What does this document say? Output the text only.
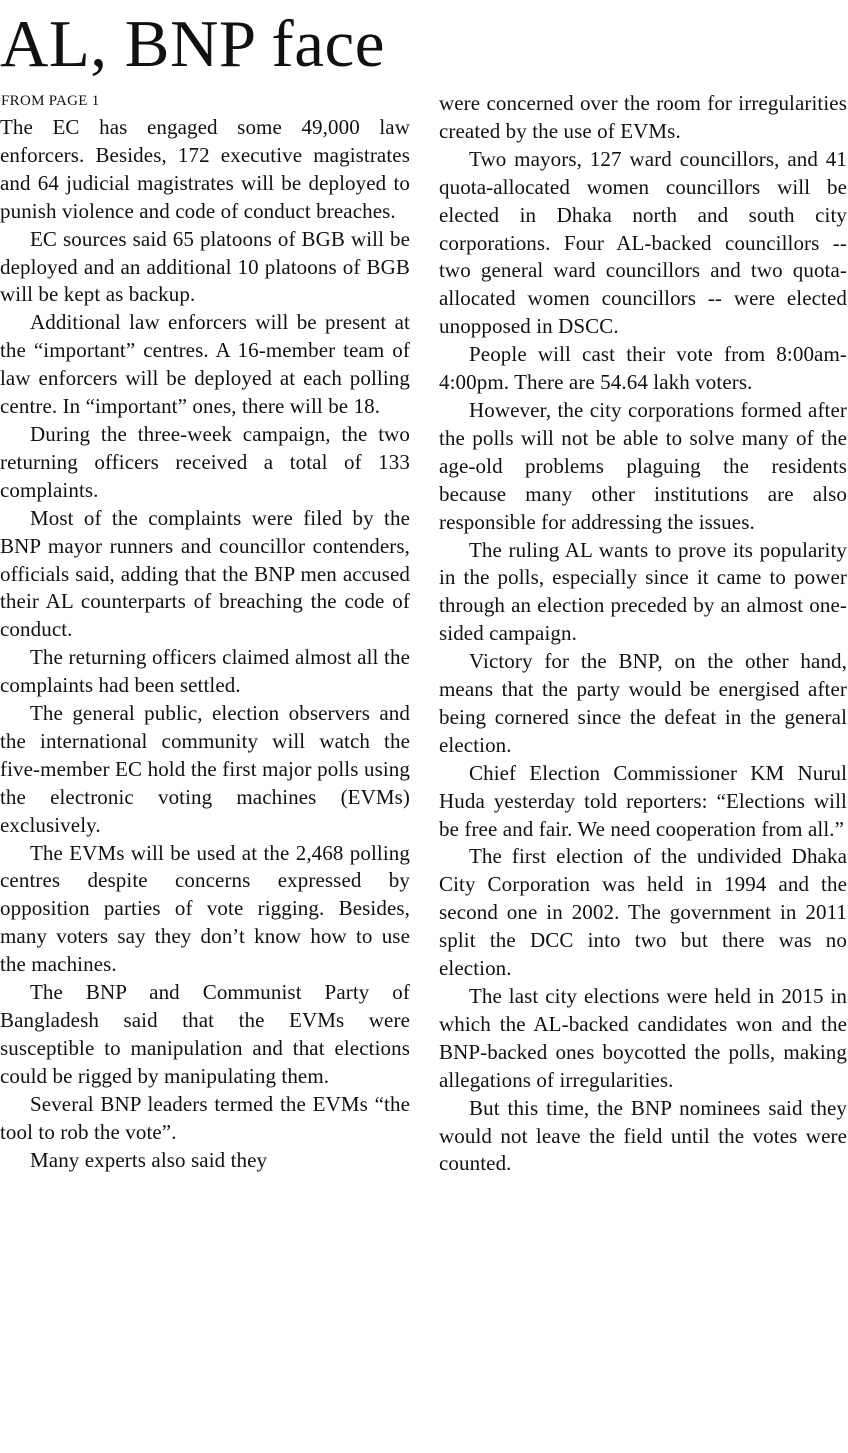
AL, BNP face
FROM PAGE 1

The EC has engaged some 49,000 law enforcers. Besides, 172 executive magistrates and 64 judicial magistrates will be deployed to punish violence and code of conduct breaches.

EC sources said 65 platoons of BGB will be deployed and an additional 10 platoons of BGB will be kept as backup.

Additional law enforcers will be present at the “important” centres. A 16-member team of law enforcers will be deployed at each polling centre. In “important” ones, there will be 18.

During the three-week campaign, the two returning officers received a total of 133 complaints.

Most of the complaints were filed by the BNP mayor runners and councillor contenders, officials said, adding that the BNP men accused their AL counterparts of breaching the code of conduct.

The returning officers claimed almost all the complaints had been settled.

The general public, election observers and the international community will watch the five-member EC hold the first major polls using the electronic voting machines (EVMs) exclusively.

The EVMs will be used at the 2,468 polling centres despite concerns expressed by opposition parties of vote rigging. Besides, many voters say they don’t know how to use the machines.

The BNP and Communist Party of Bangladesh said that the EVMs were susceptible to manipulation and that elections could be rigged by manipulating them.

Several BNP leaders termed the EVMs “the tool to rob the vote”.

Many experts also said they

were concerned over the room for irregularities created by the use of EVMs.

Two mayors, 127 ward councillors, and 41 quota-allocated women councillors will be elected in Dhaka north and south city corporations. Four AL-backed councillors -- two general ward councillors and two quota-allocated women councillors -- were elected unopposed in DSCC.

People will cast their vote from 8:00am-4:00pm. There are 54.64 lakh voters.

However, the city corporations formed after the polls will not be able to solve many of the age-old problems plaguing the residents because many other institutions are also responsible for addressing the issues.

The ruling AL wants to prove its popularity in the polls, especially since it came to power through an election preceded by an almost one-sided campaign.

Victory for the BNP, on the other hand, means that the party would be energised after being cornered since the defeat in the general election.

Chief Election Commissioner KM Nurul Huda yesterday told reporters: “Elections will be free and fair. We need cooperation from all.”

The first election of the undivided Dhaka City Corporation was held in 1994 and the second one in 2002. The government in 2011 split the DCC into two but there was no election.

The last city elections were held in 2015 in which the AL-backed candidates won and the BNP-backed ones boycotted the polls, making allegations of irregularities.

But this time, the BNP nominees said they would not leave the field until the votes were counted.
